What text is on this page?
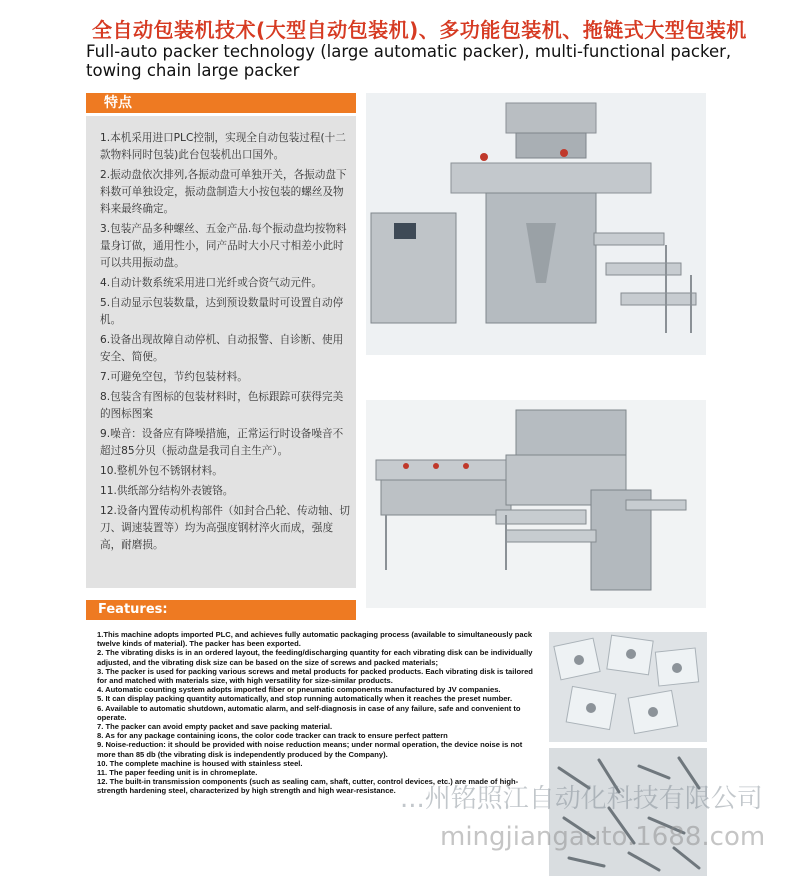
全自动包装机技术(大型自动包装机)、多功能包装机、拖链式大型包装机
Full-auto packer technology (large automatic packer), multi-functional packer, towing chain large packer
特点
1.本机采用进口PLC控制，实现全自动包装过程(十二款物料同时包装)此台包装机出口国外。
2.振动盘依次排列,各振动盘可单独开关，各振动盘下料数可单独设定，振动盘制造大小按包装的螺丝及物料来最终确定。
3.包装产品多种螺丝、五金产品.每个振动盘均按物料量身订做，通用性小，同产品时大小尺寸相差小此时可以共用振动盘。
4.自动计数系统采用进口光纤或合资气动元件。
5.自动显示包装数量，达到预设数量时可设置自动停机。
6.设备出现故障自动停机、自动报警、自诊断、使用安全、简便。
7.可避免空包，节约包装材料。
8.包装含有图标的包装材料时，色标跟踪可获得完美的图标图案
9.噪音：设备应有降噪措施，正常运行时设备噪音不超过85分贝（振动盘是我司自主生产）。
10.整机外包不锈钢材料。
11.供纸部分结构外表镀铬。
12.设备内置传动机构部件（如封合凸轮、传动轴、切刀、调速装置等）均为高强度钢材淬火而成，强度高，耐磨损。
Features:
1.This machine adopts imported PLC, and achieves fully automatic packaging process (available to simultaneously pack twelve kinds of material). The packer has been exported.
2. The vibrating disks is in an ordered layout, the feeding/discharging quantity for each vibrating disk can be individually adjusted, and the vibrating disk size can be based on the size of screws and packed materials;
3. The packer is used for packing various screws and metal products for packed products. Each vibrating disk is tailored for and matched with materials size, with high versatility for size-similar products.
4. Automatic counting system adopts imported fiber or pneumatic components manufactured by JV companies.
5. It can display packing quantity automatically, and stop running automatically when it reaches the preset number.
6. Available to automatic shutdown, automatic alarm, and self-diagnosis in case of any failure, safe and convenient to operate.
7. The packer can avoid empty packet and save packing material.
8. As for any package containing icons, the color code tracker can track to ensure perfect pattern
9. Noise-reduction: it should be provided with noise reduction means; under normal operation, the device noise is not more than 85 db (the vibrating disk is independently produced by the Company).
10. The complete machine is housed with stainless steel.
11. The paper feeding unit is in chromeplate.
12. The built-in transmission components (such as sealing cam, shaft, cutter, control devices, etc.) are made of high-strength hardening steel, characterized by high strength and high wear-resistance. ...州铭照江自动化科技有限公司
mingjiangauto.1688.com
